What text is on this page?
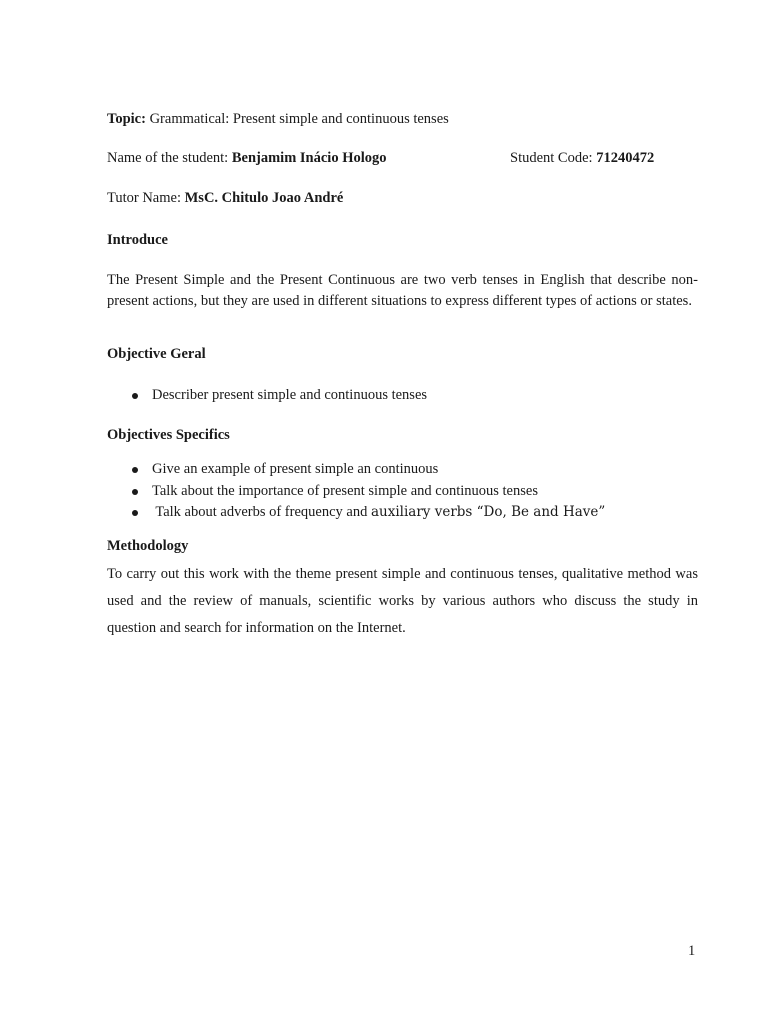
Topic: Grammatical: Present simple and continuous tenses
Name of the student: Benjamim Inácio Hologo	Student Code: 71240472
Tutor Name: MsC. Chitulo Joao André
Introduce
The Present Simple and the Present Continuous are two verb tenses in English that describe non-present actions, but they are used in different situations to express different types of actions or states.
Objective Geral
Describer present simple and continuous tenses
Objectives Specifics
Give an example of present simple an continuous
Talk about the importance of present simple and continuous tenses
Talk about adverbs of frequency and auxiliary verbs “Do, Be and Have”
Methodology
To carry out this work with the theme present simple and continuous tenses, qualitative method was used and the review of manuals, scientific works by various authors who discuss the study in question and search for information on the Internet.
1
